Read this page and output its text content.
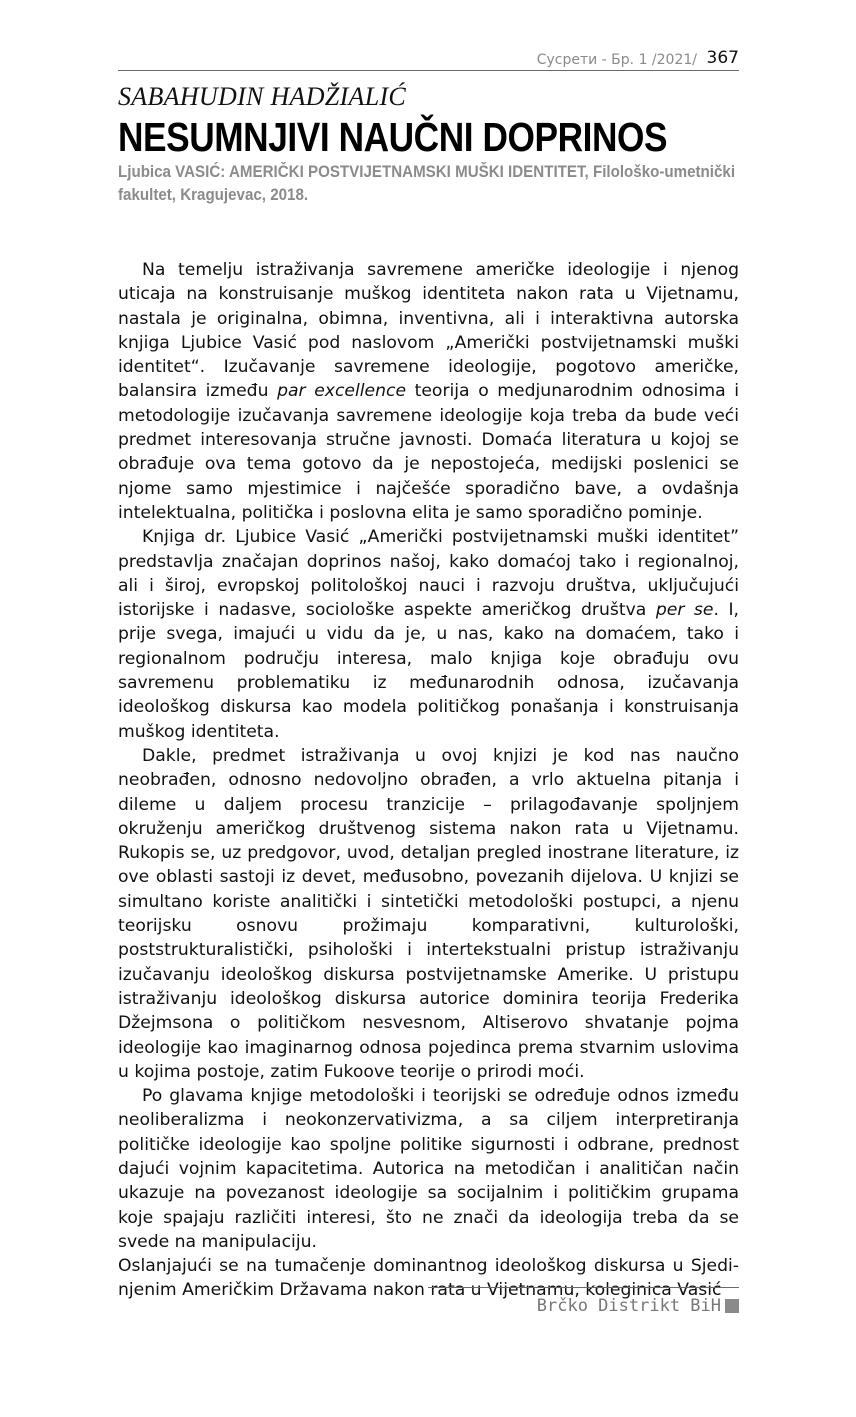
Сусрети - Бр. 1 /2021/ 367
SABAHUDIN HADŽIALIĆ
NESUMNJIVI NAUČNI DOPRINOS
Ljubica VASIĆ: AMERIČKI POSTVIJETNAMSKI MUŠKI IDENTITET, Filološko-umetnički fakultet, Kragujevac, 2018.

Na temelju istraživanja savremene američke ideologije i njenog uticaja na konstruisanje muškog identiteta nakon rata u Vijetnamu, nastala je originalna, obimna, inventivna, ali i interaktivna autorska knjiga Ljubice Vasić pod naslovom „Američki postvijetnamski muški identitet“. Izučavanje savremene ideologije, pogotovo američke, balansira između par excellence teorija o medjunarodnim odnosima i metodologije izučavanja savremene ideologije koja treba da bude veći predmet interesovanja stručne javnosti. Domaća literatura u kojoj se obrađuje ova tema gotovo da je nepostojeća, medijski poslenici se njome samo mjestimice i najčešće sporadično bave, a ovdašnja intelektualna, politička i poslovna elita je samo sporadično pominje.

Knjiga dr. Ljubice Vasić „Američki postvijetnamski muški identitet” predstavlja značajan doprinos našoj, kako domaćoj tako i regionalnoj, ali i široj, evropskoj politološkoj nauci i razvoju društva, uključujući istorijske i nadasve, sociološke aspekte američkog društva per se. I, prije svega, imajući u vidu da je, u nas, kako na domaćem, tako i regionalnom području interesa, malo knjiga koje obrađuju ovu savremenu problematiku iz međunarodnih odnosa, izučavanja ideološkog diskursa kao modela političkog ponašanja i konstruisanja muškog identiteta.

Dakle, predmet istraživanja u ovoj knjizi je kod nas naučno neobrađen, odnosno nedovoljno obrađen, a vrlo aktuelna pitanja i dileme u daljem procesu tranzicije – prilagođavanje spoljnjem okruženju američkog društvenog sistema nakon rata u Vijetnamu. Rukopis se, uz predgovor, uvod, detaljan pregled inostrane literature, iz ove oblasti sastoji iz devet, međusobno, povezanih dijelova. U knjizi se simultano koriste analitički i sintetički metodološki postupci, a njenu teorijsku osnovu prožimaju komparativni, kulturološki, poststrukturalistički, psihološki i intertekstualni pristup istraživanju izučavanju ideološkog diskursa postvijetnamske Amerike. U pristupu istraživanju ideološkog diskursa autorice dominira teorija Frederika Džejmsona o političkom nesvesnom, Altiserovo shvatanje pojma ideologije kao imaginarnog odnosa pojedinca prema stvarnim uslovima u kojima postoje, zatim Fukoove teorije o prirodi moći.

Po glavama knjige metodološki i teorijski se određuje odnos između neoliberalizma i neokonzervativizma, a sa ciljem interpretiranja političke ideologije kao spoljne politike sigurnosti i odbrane, prednost dajući vojnim kapacitetima. Autorica na metodičan i analitičan način ukazuje na povezanost ideologije sa socijalnim i političkim grupama koje spajaju različiti interesi, što ne znači da ideologija treba da se svede na manipulaciju.

Oslanjajući se na tumačenje dominantnog ideološkog diskursa u Sjedinjenim Američkim Državama nakon rata u Vijetnamu, koleginica Vasić

Brčko Distrikt BiH
